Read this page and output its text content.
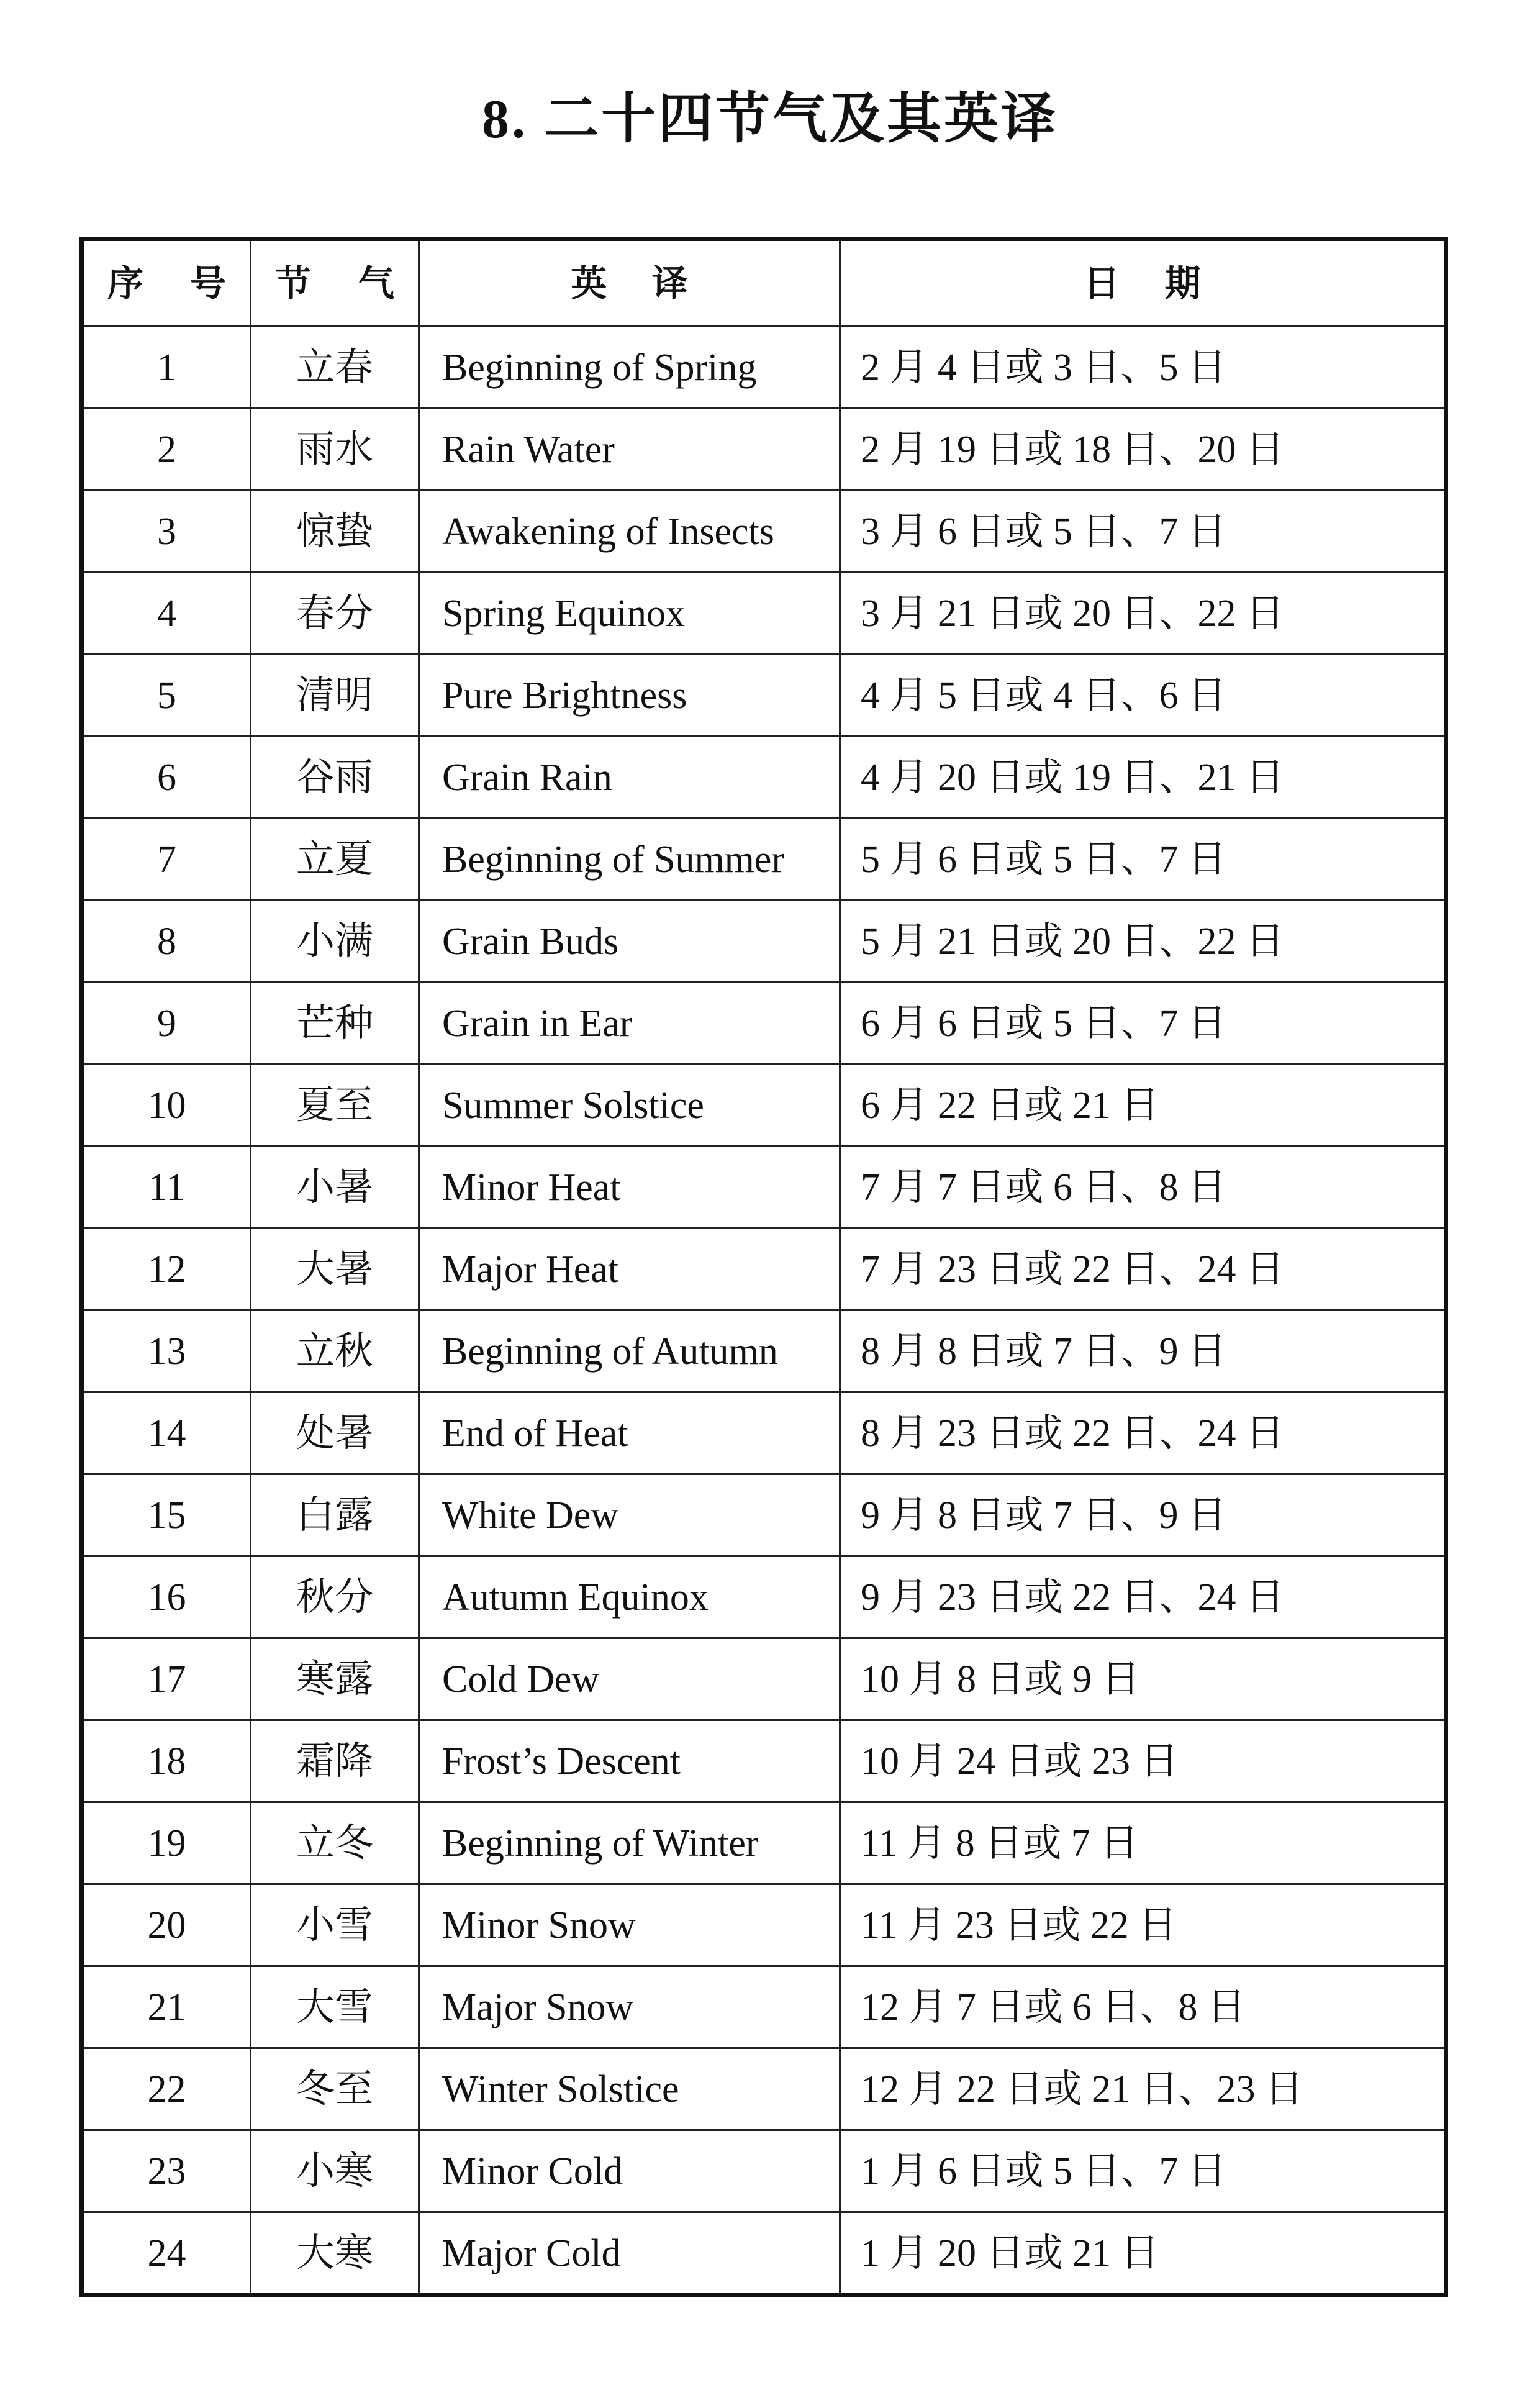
8. 二十四节气及其英译
序 号	节 气	英 译	日 期
1	立春	Beginning of Spring	2 月 4 日或 3 日、5 日
2	雨水	Rain Water	2 月 19 日或 18 日、20 日
3	惊蛰	Awakening of Insects	3 月 6 日或 5 日、7 日
4	春分	Spring Equinox	3 月 21 日或 20 日、22 日
5	清明	Pure Brightness	4 月 5 日或 4 日、6 日
6	谷雨	Grain Rain	4 月 20 日或 19 日、21 日
7	立夏	Beginning of Summer	5 月 6 日或 5 日、7 日
8	小满	Grain Buds	5 月 21 日或 20 日、22 日
9	芒种	Grain in Ear	6 月 6 日或 5 日、7 日
10	夏至	Summer Solstice	6 月 22 日或 21 日
11	小暑	Minor Heat	7 月 7 日或 6 日、8 日
12	大暑	Major Heat	7 月 23 日或 22 日、24 日
13	立秋	Beginning of Autumn	8 月 8 日或 7 日、9 日
14	处暑	End of Heat	8 月 23 日或 22 日、24 日
15	白露	White Dew	9 月 8 日或 7 日、9 日
16	秋分	Autumn Equinox	9 月 23 日或 22 日、24 日
17	寒露	Cold Dew	10 月 8 日或 9 日
18	霜降	Frost’s Descent	10 月 24 日或 23 日
19	立冬	Beginning of Winter	11 月 8 日或 7 日
20	小雪	Minor Snow	11 月 23 日或 22 日
21	大雪	Major Snow	12 月 7 日或 6 日、8 日
22	冬至	Winter Solstice	12 月 22 日或 21 日、23 日
23	小寒	Minor Cold	1 月 6 日或 5 日、7 日
24	大寒	Major Cold	1 月 20 日或 21 日
